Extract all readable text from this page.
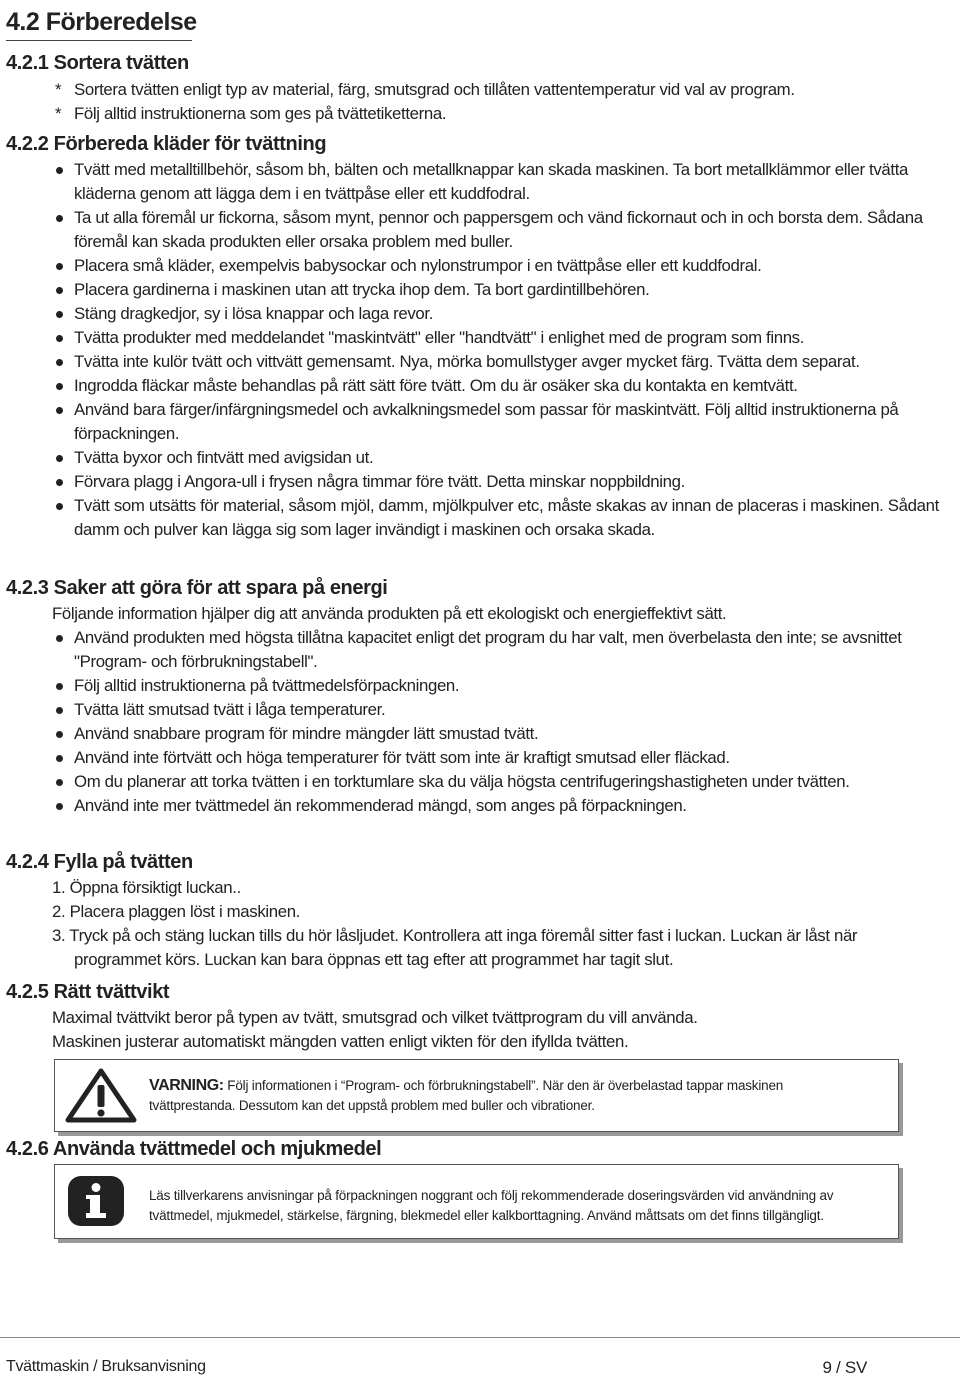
4.2 Förberedelse
4.2.1 Sortera tvätten
* Sortera tvätten enligt typ av material, färg, smutsgrad och tillåten vattentemperatur vid val av program.
* Följ alltid instruktionerna som ges på tvättetiketterna.
4.2.2 Förbereda kläder för tvättning
Tvätt med metalltillbehör, såsom bh, bälten och metallknappar kan skada maskinen. Ta bort metallklämmor eller tvätta kläderna genom att lägga dem i en tvättpåse eller ett kuddfodral.
Ta ut alla föremål ur fickorna, såsom mynt, pennor och pappersgem och vänd fickornaut och in och borsta dem. Sådana föremål kan skada produkten eller orsaka problem med buller.
Placera små kläder, exempelvis babysockar och nylonstrumpor i en tvättpåse eller ett kuddfodral.
Placera gardinerna i maskinen utan att trycka ihop dem. Ta bort gardintillbehören.
Stäng dragkedjor, sy i lösa knappar och laga revor.
Tvätta produkter med meddelandet "maskintvätt" eller "handtvätt" i enlighet med de program som finns.
Tvätta inte kulör tvätt och vittvätt gemensamt. Nya, mörka bomullstyger avger mycket färg. Tvätta dem separat.
Ingrodda fläckar måste behandlas på rätt sätt före tvätt. Om du är osäker ska du kontakta en kemtvätt.
Använd bara färger/infärgningsmedel och avkalkningsmedel som passar för maskintvätt. Följ alltid instruktionerna på förpackningen.
Tvätta byxor och fintvätt med avigsidan ut.
Förvara plagg i Angora-ull i frysen några timmar före tvätt. Detta minskar noppbildning.
Tvätt som utsätts för material, såsom mjöl, damm, mjölkpulver etc, måste skakas av innan de placeras i maskinen. Sådant damm och pulver kan lägga sig som lager invändigt i maskinen och orsaka skada.
4.2.3 Saker att göra för att spara på energi

Följande information hjälper dig att använda produkten på ett ekologiskt och energieffektivt sätt.

Använd produkten med högsta tillåtna kapacitet enligt det program du har valt, men överbelasta den inte; se avsnittet "Program- och förbrukningstabell".
Följ alltid instruktionerna på tvättmedelsförpackningen.
Tvätta lätt smutsad tvätt i låga temperaturer.
Använd snabbare program för mindre mängder lätt smustad tvätt.
Använd inte förtvätt och höga temperaturer för tvätt som inte är kraftigt smutsad eller fläckad.
Om du planerar att torka tvätten i en torktumlare ska du välja högsta centrifugeringshastigheten under tvätten.
Använd inte mer tvättmedel än rekommenderad mängd, som anges på förpackningen.
4.2.4 Fylla på tvätten
1. Öppna försiktigt luckan..
2. Placera plaggen löst i maskinen.
3. Tryck på och stäng luckan tills du hör låsljudet. Kontrollera att inga föremål sitter fast i luckan. Luckan är låst när programmet körs. Luckan kan bara öppnas ett tag efter att programmet har tagit slut.
4.2.5 Rätt tvättvikt

Maximal tvättvikt beror på typen av tvätt, smutsgrad och vilket tvättprogram du vill använda.

Maskinen justerar automatiskt mängden vatten enligt vikten för den ifyllda tvätten.

VARNING: Följ informationen i “Program- och förbrukningstabell”. När den är överbelastad tappar maskinen tvättprestanda. Dessutom kan det uppstå problem med buller och vibrationer.
4.2.6 Använda tvättmedel och mjukmedel
Läs tillverkarens anvisningar på förpackningen noggrant och följ rekommenderade doseringsvärden vid användning av tvättmedel, mjukmedel, stärkelse, färgning, blekmedel eller kalkborttagning. Använd måttsats om det finns tillgängligt.
Tvättmaskin / Bruksanvisning	9 / SV
